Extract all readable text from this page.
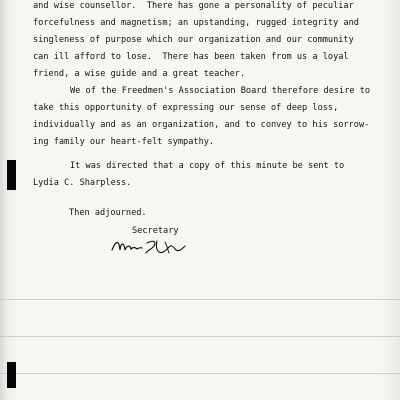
and wise counsellor.  There has gone a personality of peculiar
forcefulness and magnetism; an upstanding, rugged integrity and
singleness of purpose which our organization and our community
can ill afford to lose.  There has been taken from us a loyal
friend, a wise guide and a great teacher.
We of the Freedmen's Association Board therefore desire to
take this opportunity of expressing our sense of deep loss,
individually and as an organization, and to convey to his sorrow-
ing family our heart-felt sympathy.
It was directed that a copy of this minute be sent to
Lydia C. Sharpless.
Then adjourned.
Secretary
